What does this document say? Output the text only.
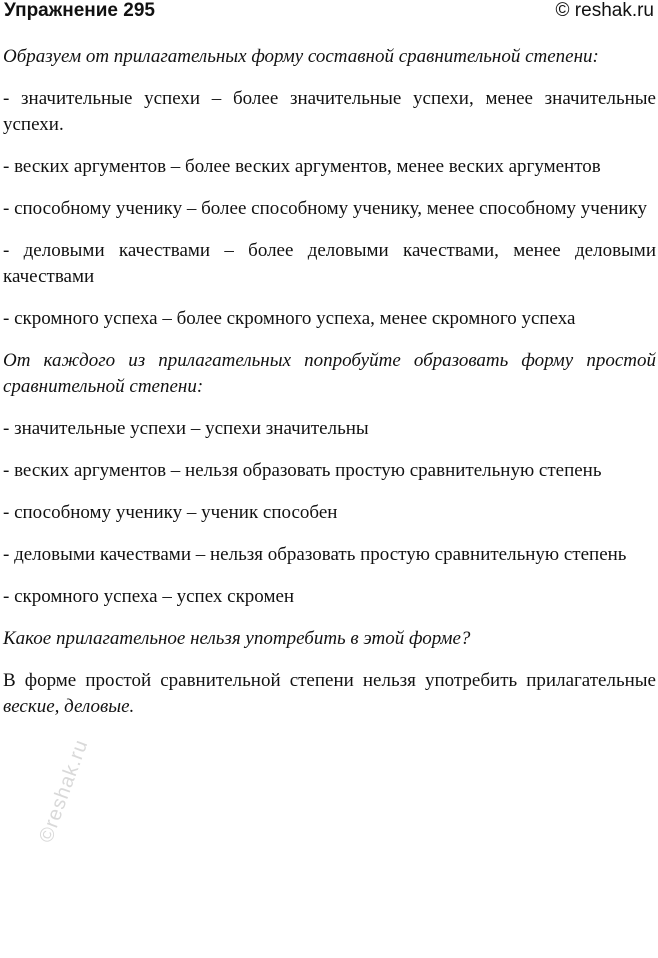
Упражнение 295	© reshak.ru

Образуем от прилагательных форму составной сравнительной степени:

- значительные успехи – более значительные успехи, менее значительные успехи.

- веских аргументов – более веских аргументов, менее веских аргументов

- способному ученику – более способному ученику, менее способному ученику

- деловыми качествами – более деловыми качествами, менее деловыми качествами

- скромного успеха – более скромного успеха, менее скромного успеха

От каждого из прилагательных попробуйте образовать форму простой сравнительной степени:

- значительные успехи – успехи значительны

- веских аргументов – нельзя образовать простую сравнительную степень

- способному ученику – ученик способен

- деловыми качествами – нельзя образовать простую сравнительную степень

- скромного успеха – успех скромен

Какое прилагательное нельзя употребить в этой форме?

В форме простой сравнительной степени нельзя употребить прилагательные веские, деловые.

©reshak.ru
